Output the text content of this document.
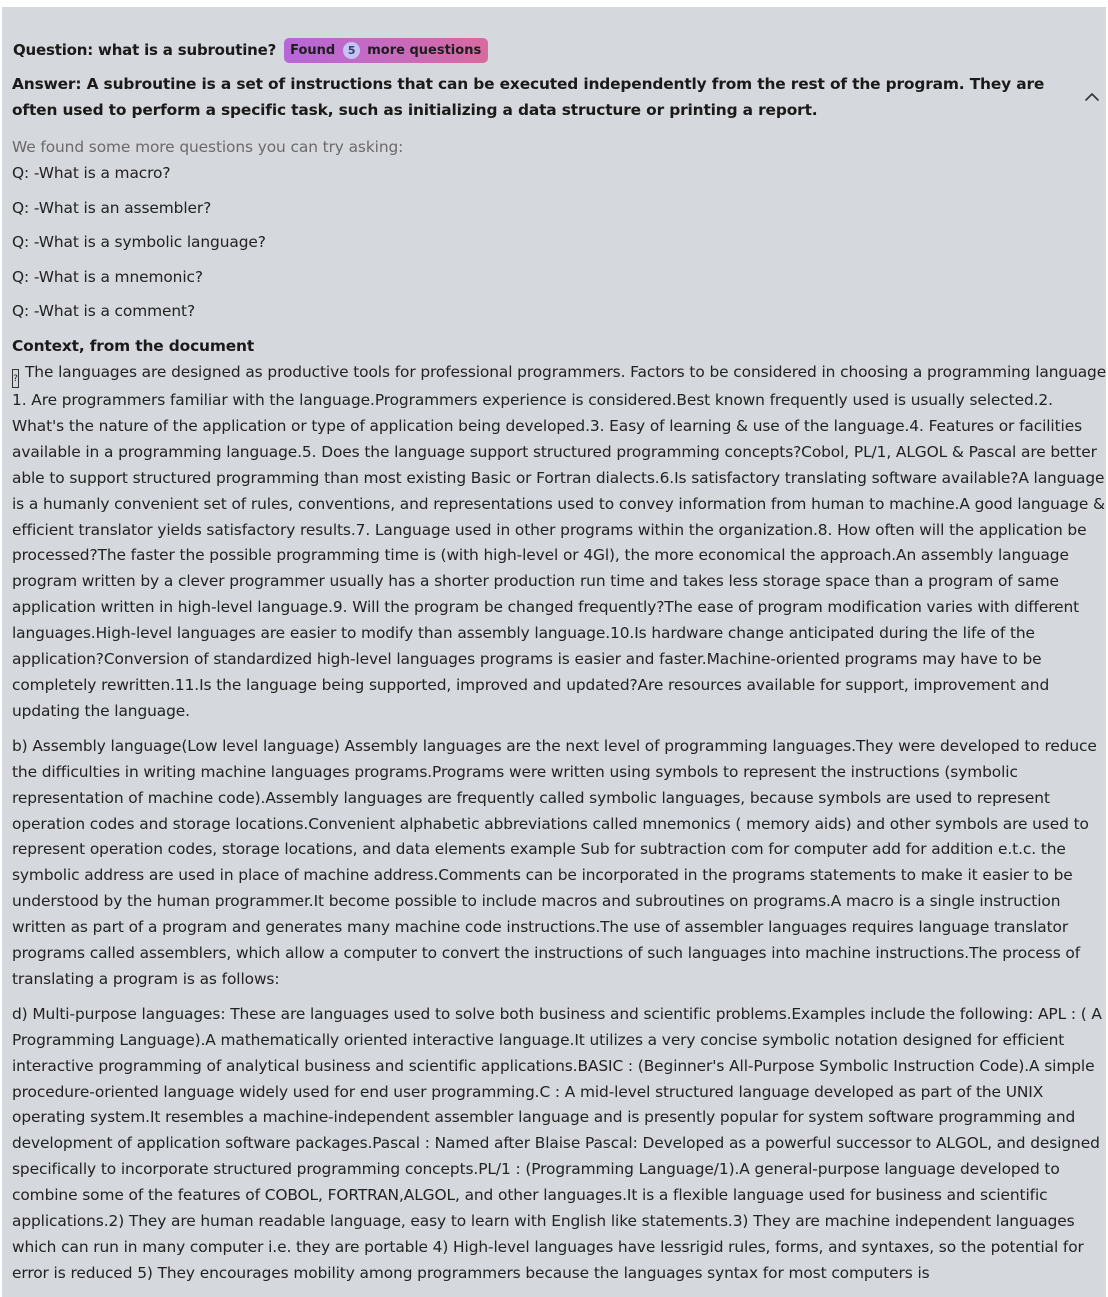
Question: what is a subroutine? Found	5 more questions
Answer: A subroutine is a set of instructions that can be executed independently from the rest of the program. They are often used to perform a specific task, such as initializing a data structure or printing a report.
We found some more questions you can try asking:
Q: -What is a macro?
Q: -What is an assembler?
Q: -What is a symbolic language?
Q: -What is a mnemonic?
Q: -What is a comment?
Context, from the document

? The languages are designed as productive tools for professional programmers. Factors to be considered in choosing a programming language 1. Are programmers familiar with the language.Programmers experience is considered.Best known frequently used is usually selected.2. What's the nature of the application or type of application being developed.3. Easy of learning & use of the language.4. Features or facilities available in a programming language.5. Does the language support structured programming concepts?Cobol, PL/1, ALGOL & Pascal are better able to support structured programming than most existing Basic or Fortran dialects.6.Is satisfactory translating software available?A language is a humanly convenient set of rules, conventions, and representations used to convey information from human to machine.A good language & efficient translator yields satisfactory results.7. Language used in other programs within the organization.8. How often will the application be processed?The faster the possible programming time is (with high-level or 4Gl), the more economical the approach.An assembly language program written by a clever programmer usually has a shorter production run time and takes less storage space than a program of same application written in high-level language.9. Will the program be changed frequently?The ease of program modification varies with different languages.High-level languages are easier to modify than assembly language.10.Is hardware change anticipated during the life of the application?Conversion of standardized high-level languages programs is easier and faster.Machine-oriented programs may have to be completely rewritten.11.Is the language being supported, improved and updated?Are resources available for support, improvement and updating the language.

b) Assembly language(Low level language) Assembly languages are the next level of programming languages.They were developed to reduce the difficulties in writing machine languages programs.Programs were written using symbols to represent the instructions (symbolic representation of machine code).Assembly languages are frequently called symbolic languages, because symbols are used to represent operation codes and storage locations.Convenient alphabetic abbreviations called mnemonics ( memory aids) and other symbols are used to represent operation codes, storage locations, and data elements example Sub for subtraction com for computer add for addition e.t.c. the symbolic address are used in place of machine address.Comments can be incorporated in the programs statements to make it easier to be understood by the human programmer.It become possible to include macros and subroutines on programs.A macro is a single instruction written as part of a program and generates many machine code instructions.The use of assembler languages requires language translator programs called assemblers, which allow a computer to convert the instructions of such languages into machine instructions.The process of translating a program is as follows:

d) Multi-purpose languages: These are languages used to solve both business and scientific problems.Examples include the following: APL : ( A Programming Language).A mathematically oriented interactive language.It utilizes a very concise symbolic notation designed for efficient interactive programming of analytical business and scientific applications.BASIC : (Beginner's All-Purpose Symbolic Instruction Code).A simple procedure-oriented language widely used for end user programming.C : A mid-level structured language developed as part of the UNIX operating system.It resembles a machine-independent assembler language and is presently popular for system software programming and development of application software packages.Pascal : Named after Blaise Pascal: Developed as a powerful successor to ALGOL, and designed specifically to incorporate structured programming concepts.PL/1 : (Programming Language/1).A general-purpose language developed to combine some of the features of COBOL, FORTRAN,ALGOL, and other languages.It is a flexible language used for business and scientific applications.2) They are human readable language, easy to learn with English like statements.3) They are machine independent languages which can run in many computer i.e. they are portable 4) High-level languages have lessrigid rules, forms, and syntaxes, so the potential for error is reduced 5) They encourages mobility among programmers because the languages syntax for most computers is
